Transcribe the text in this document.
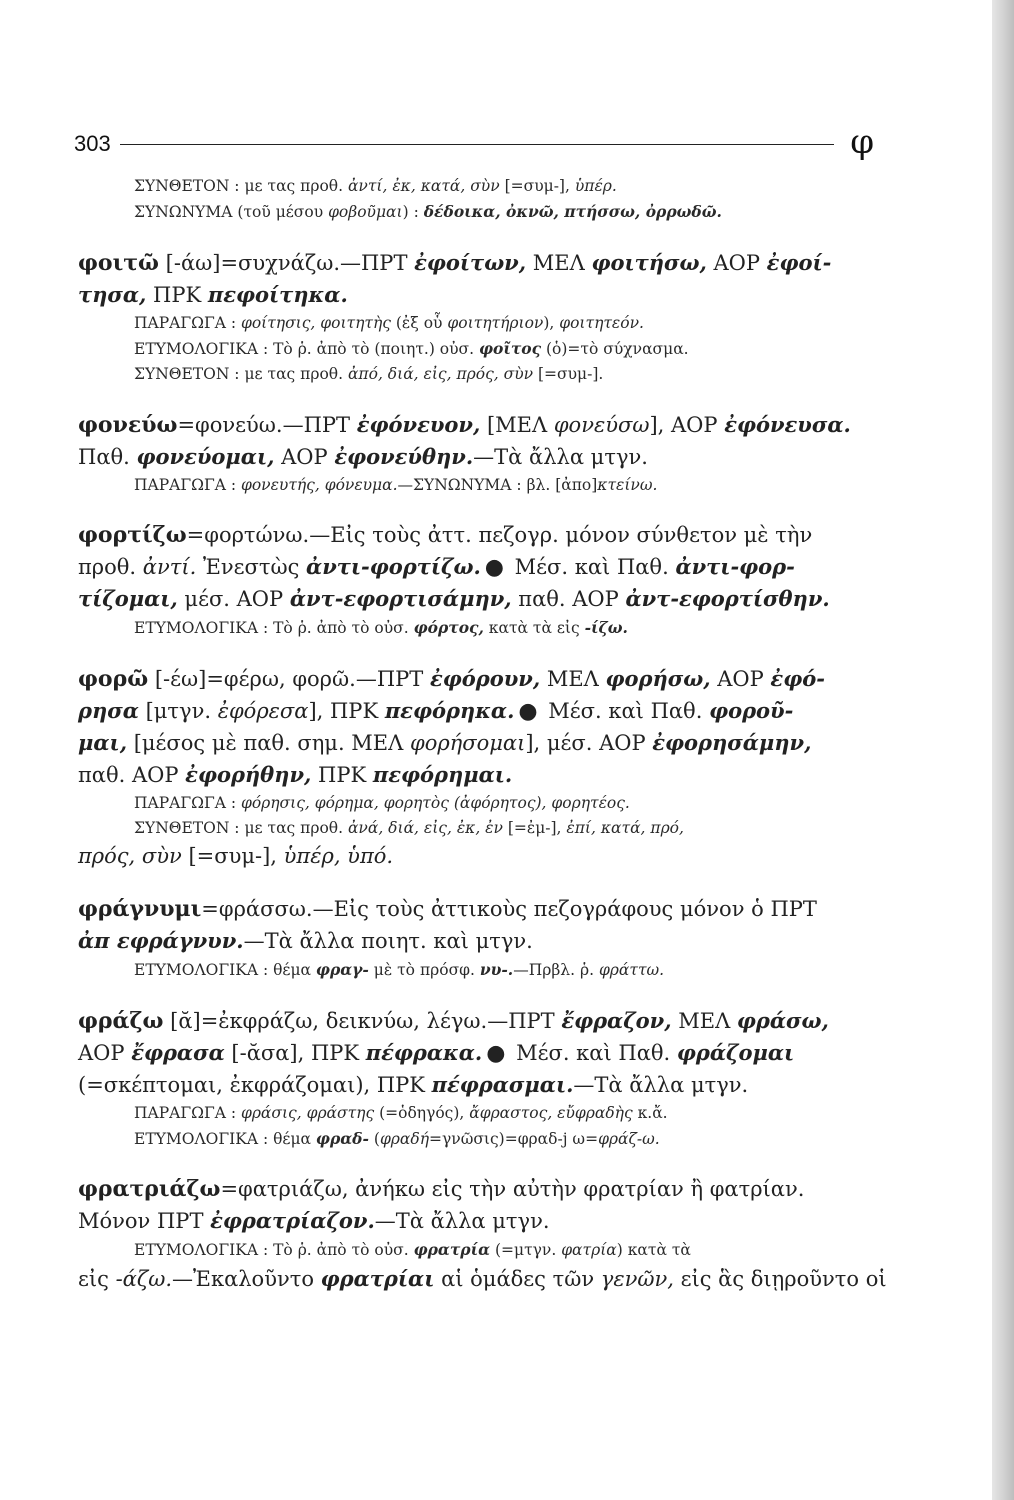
303	φ
ΣΥΝΘΕΤΟΝ : με τας προθ. ἀντί, ἐκ, κατά, σὺν [=συμ-], ὑπέρ.
ΣΥΝΩΝΥΜΑ (τοῦ μέσου φοβοῦμαι) : δέδοικα, ὀκνῶ, πτήσσω, ὀρρωδῶ.
φοιτῶ [-άω]=συχνάζω.—ΠΡΤ ἐφοίτων, ΜΕΛ φοιτήσω, ΑΟΡ ἐφοί-
τησα, ΠΡΚ πεφοίτηκα.
ΠΑΡΑΓΩΓΑ : φοίτησις, φοιτητὴς (ἐξ οὗ φοιτητήριον), φοιτητεόν.
ΕΤΥΜΟΛΟΓΙΚΑ : Τὸ ῥ. ἀπὸ τὸ (ποιητ.) οὐσ. φοῖτος (ὁ)=τὸ σύχνασμα.
ΣΥΝΘΕΤΟΝ : με τας προθ. ἀπό, διά, εἰς, πρός, σὺν [=συμ-].
φονεύω=φονεύω.—ΠΡΤ ἐφόνευον, [ΜΕΛ φονεύσω], ΑΟΡ ἐφόνευσα.
Παθ. φονεύομαι, ΑΟΡ ἐφονεύθην.—Τὰ ἄλλα μτγν.
ΠΑΡΑΓΩΓΑ : φονευτής, φόνευμα.—ΣΥΝΩΝΥΜΑ : βλ. [ἀπο]κτείνω.
φορτίζω=φορτώνω.—Εἰς τοὺς ἀττ. πεζογρ. μόνον σύνθετον μὲ τὴν
προθ. ἀντί. Ἐνεστὼς ἀντι-φορτίζω. ● Μέσ. καὶ Παθ. ἀντι-φορ-
τίζομαι, μέσ. ΑΟΡ ἀντ-εφορτισάμην, παθ. ΑΟΡ ἀντ-εφορτίσθην.
ΕΤΥΜΟΛΟΓΙΚΑ : Τὸ ῥ. ἀπὸ τὸ οὐσ. φόρτος, κατὰ τὰ εἰς -ίζω.
φορῶ [-έω]=φέρω, φορῶ.—ΠΡΤ ἐφόρουν, ΜΕΛ φορήσω, ΑΟΡ ἐφό-
ρησα [μτγν. ἐφόρεσα], ΠΡΚ πεφόρηκα. ● Μέσ. καὶ Παθ. φοροῦ-
μαι, [μέσος μὲ παθ. σημ. ΜΕΛ φορήσομαι], μέσ. ΑΟΡ ἐφορησάμην,
παθ. ΑΟΡ ἐφορήθην, ΠΡΚ πεφόρημαι.
ΠΑΡΑΓΩΓΑ : φόρησις, φόρημα, φορητὸς (ἀφόρητος), φορητέος.
ΣΥΝΘΕΤΟΝ : με τας προθ. ἀνά, διά, εἰς, ἐκ, ἐν [=ἐμ-], ἐπί, κατά, πρό,
πρός, σὺν [=συμ-], ὑπέρ, ὑπό.
φράγνυμι=φράσσω.—Εἰς τοὺς ἀττικοὺς πεζογράφους μόνον ὁ ΠΡΤ
ἀπ εφράγνυν.—Τὰ ἄλλα ποιητ. καὶ μτγν.
ΕΤΥΜΟΛΟΓΙΚΑ : θέμα φραγ- μὲ τὸ πρόσφ. νυ-.—Πρβλ. ῥ. φράττω.
φράζω [ᾰ]=ἐκφράζω, δεικνύω, λέγω.—ΠΡΤ ἔφραζον, ΜΕΛ φράσω,
ΑΟΡ ἔφρασα [-ᾰσα], ΠΡΚ πέφρακα. ● Μέσ. καὶ Παθ. φράζομαι
(=σκέπτομαι, ἐκφράζομαι), ΠΡΚ πέφρασμαι.—Τὰ ἄλλα μτγν.
ΠΑΡΑΓΩΓΑ : φράσις, φράστης (=ὁδηγός), ἄφραστος, εὔφραδὴς κ.ἄ.
ΕΤΥΜΟΛΟΓΙΚΑ : θέμα φραδ- (φραδή=γνῶσις)=φραδ-j ω=φράζ-ω.
φρατριάζω=φατριάζω, ἀνήκω εἰς τὴν αὐτὴν φρατρίαν ἢ φατρίαν.
Μόνον ΠΡΤ ἐφρατρίαζον.—Τὰ ἄλλα μτγν.
ΕΤΥΜΟΛΟΓΙΚΑ : Τὸ ῥ. ἀπὸ τὸ οὐσ. φρατρία (=μτγν. φατρία) κατὰ τὰ
εἰς -άζω.—Ἐκαλοῦντο φρατρίαι αἱ ὁμάδες τῶν γενῶν, εἰς ἃς διῃροῦντο οἱ
